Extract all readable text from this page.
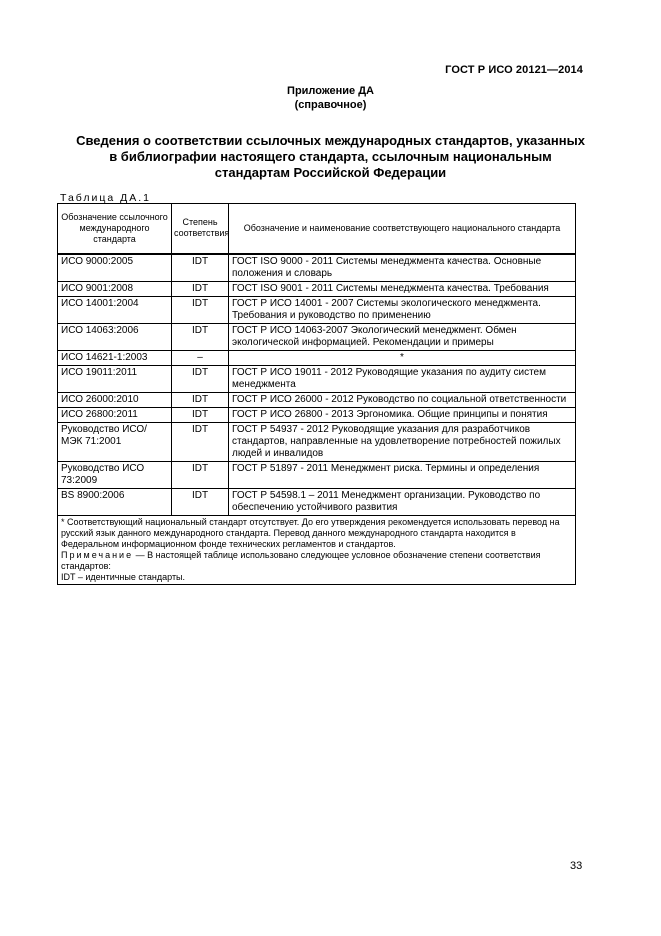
ГОСТ Р ИСО 20121—2014
Приложение ДА
(справочное)
Сведения о соответствии ссылочных международных стандартов, указанных
в библиографии настоящего стандарта, ссылочным национальным
стандартам Российской Федерации
Таблица ДА.1
Обозначение ссылочного международного стандарта	Степень соответствия	Обозначение и наименование соответствующего национального стандарта
ИСО 9000:2005	IDT	ГОСТ ISO 9000 - 2011 Системы менеджмента качества. Основные положения и словарь
ИСО 9001:2008	IDT	ГОСТ ISO 9001 - 2011 Системы менеджмента качества. Требования
ИСО 14001:2004	IDT	ГОСТ Р ИСО 14001 - 2007 Системы экологического менеджмента. Требования и руководство по применению
ИСО 14063:2006	IDT	ГОСТ Р ИСО 14063-2007 Экологический менеджмент. Обмен экологической информацией. Рекомендации и примеры
ИСО 14621-1:2003	–	*
ИСО 19011:2011	IDT	ГОСТ Р ИСО 19011 - 2012 Руководящие указания по аудиту систем менеджмента
ИСО 26000:2010	IDT	ГОСТ Р ИСО 26000 - 2012 Руководство по социальной ответственности
ИСО 26800:2011	IDT	ГОСТ Р ИСО 26800 - 2013 Эргономика. Общие принципы и понятия
Руководство ИСО/МЭК 71:2001	IDT	ГОСТ Р 54937 - 2012 Руководящие указания для разработчиков стандартов, направленные на удовлетворение потребностей пожилых людей и инвалидов
Руководство ИСО 73:2009	IDT	ГОСТ Р 51897 - 2011 Менеджмент риска. Термины и определения
BS 8900:2006	IDT	ГОСТ Р 54598.1 – 2011 Менеджмент организации. Руководство по обеспечению устойчивого развития

* Соответствующий национальный стандарт отсутствует. До его утверждения рекомендуется использовать перевод на русский язык данного международного стандарта. Перевод данного международного стандарта находится в Федеральном информационном фонде технических регламентов и стандартов.
Примечание — В настоящей таблице использовано следующее условное обозначение степени соответствия стандартов:
IDT – идентичные стандарты.		
33
